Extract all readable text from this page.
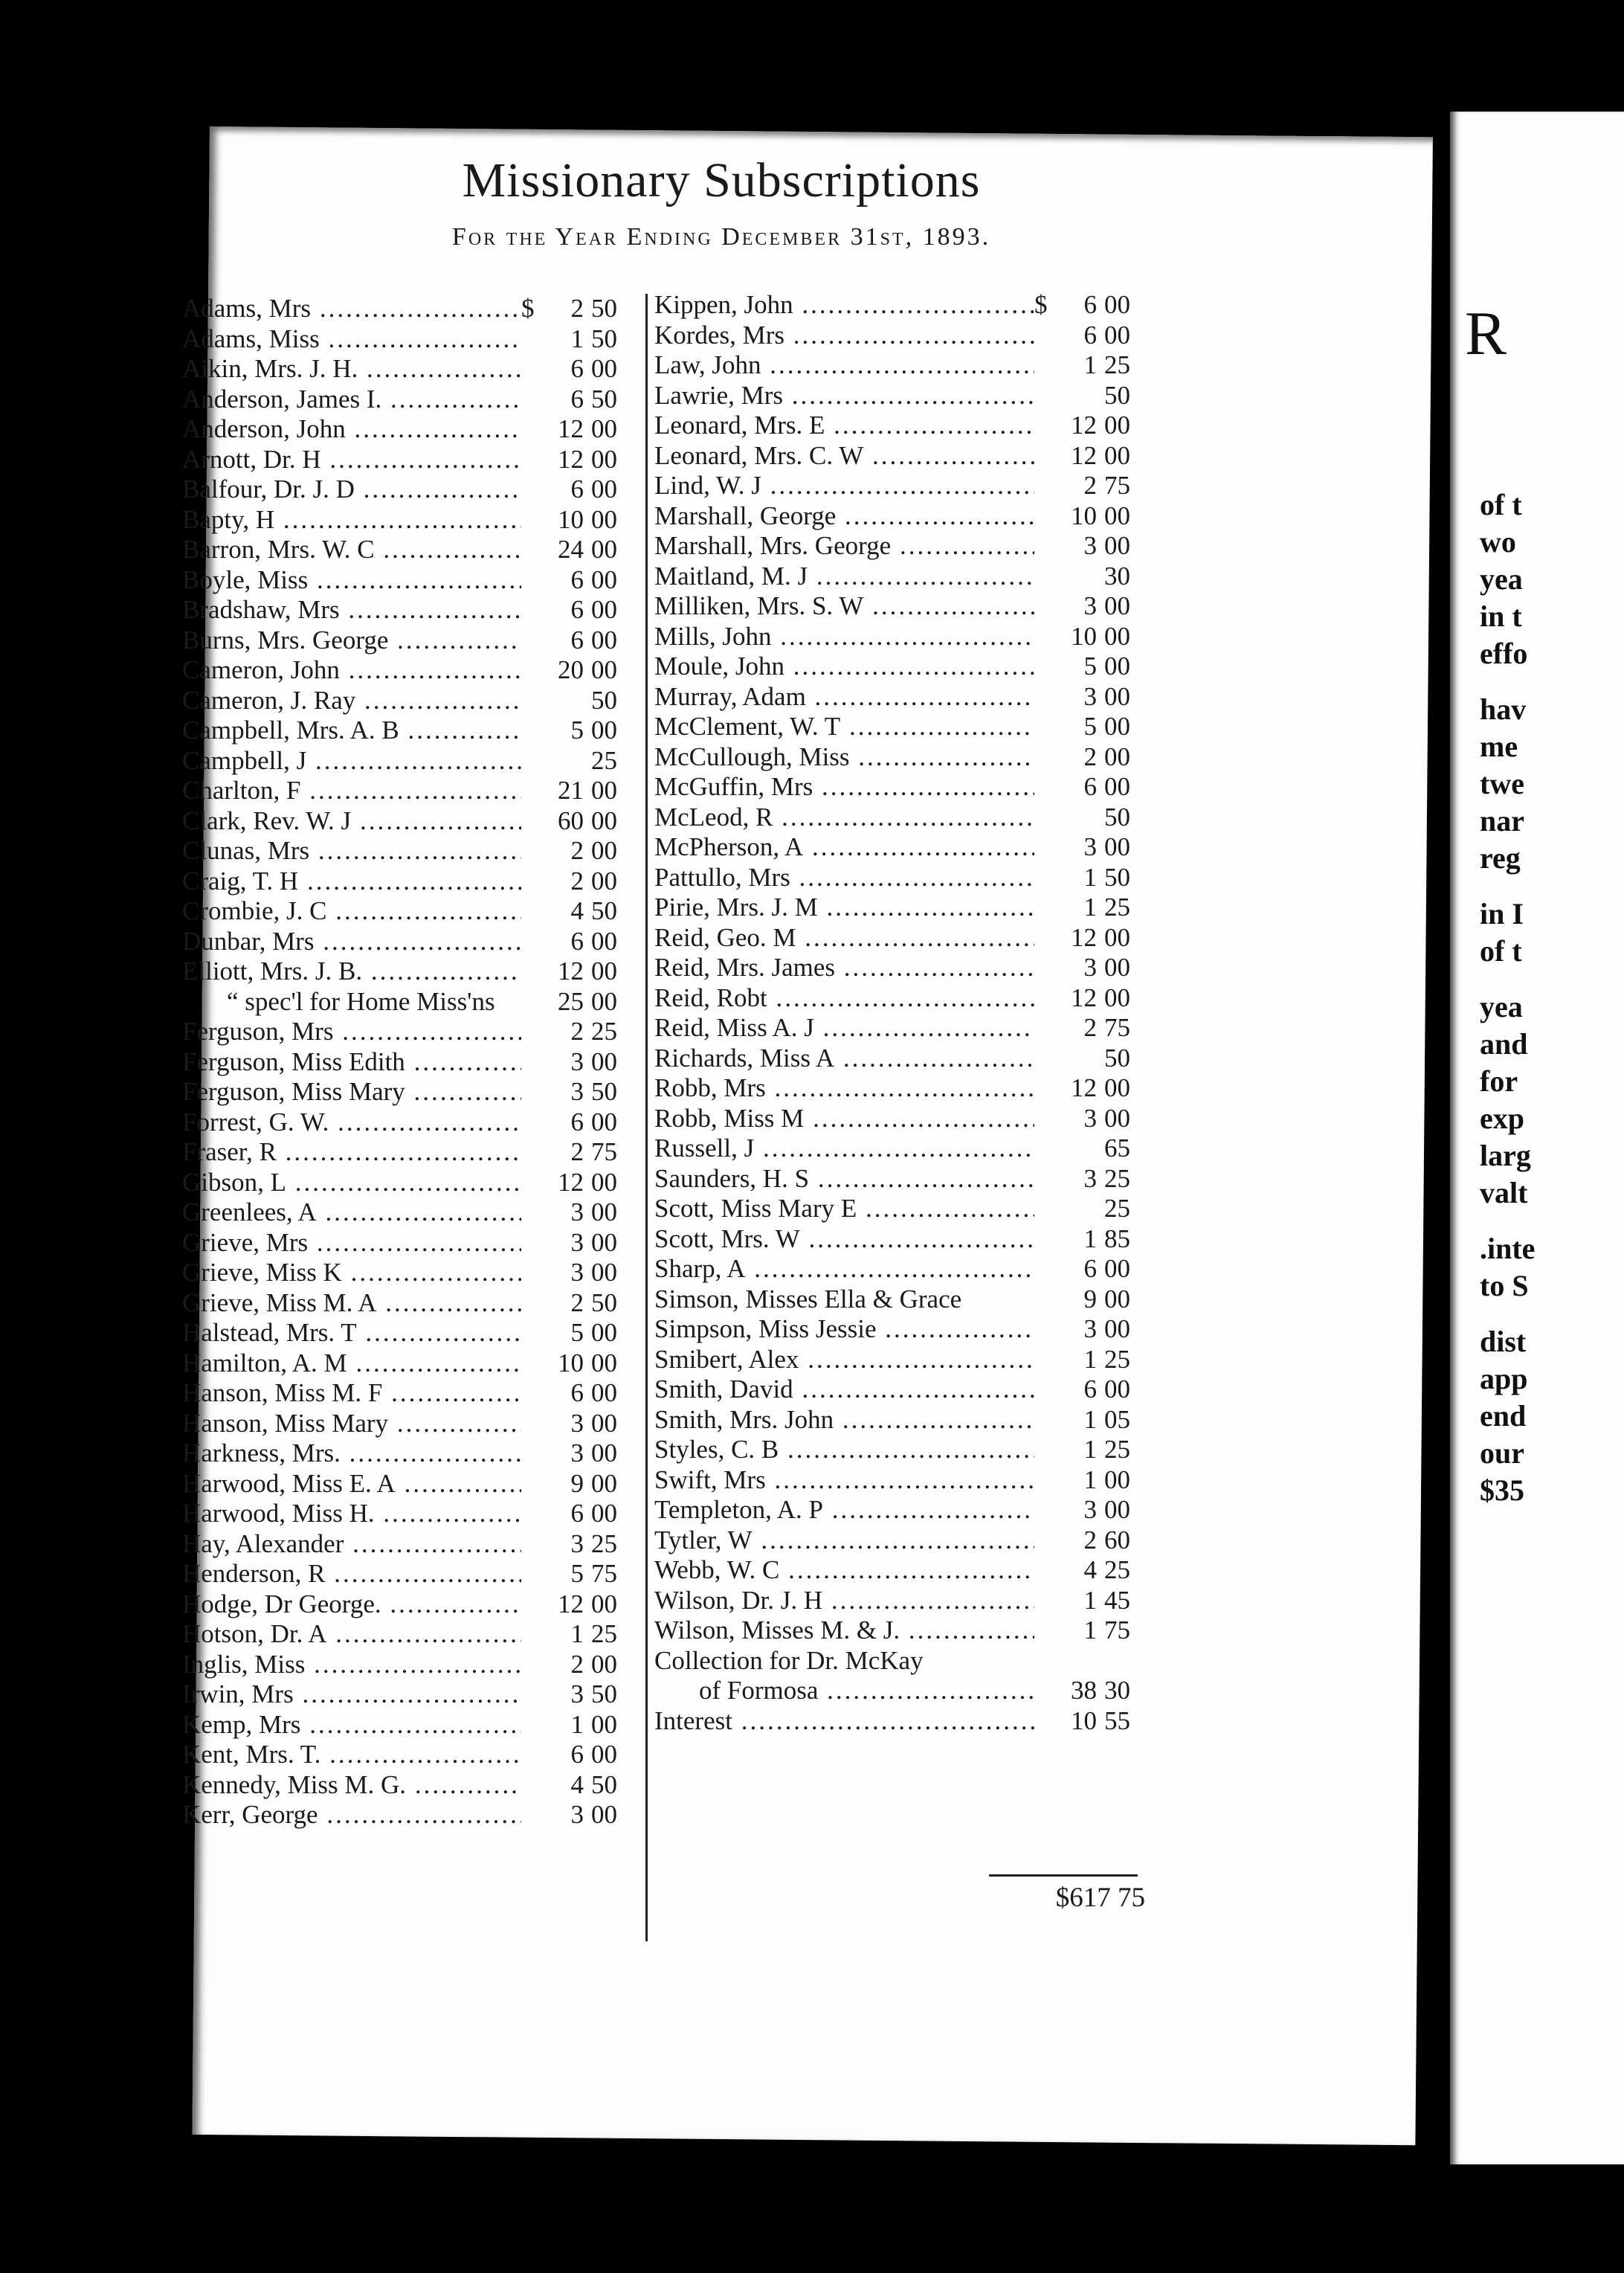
Missionary Subscriptions
For the Year Ending December 31st, 1893.
Adams, Mrs .....	$	2 50
Adams, Miss .....	1 50
Aikin, Mrs. J. H. .....	6 00
Anderson, James I. .....	6 50
Anderson, John .....	12 00
Arnott, Dr. H .....	12 00
Balfour, Dr. J. D .....	6 00
Bapty, H .....	10 00
Barron, Mrs. W. C .....	24 00
Boyle, Miss .....	6 00
Bradshaw, Mrs .....	6 00
Burns, Mrs. George .....	6 00
Cameron, John .....	20 00
Cameron, J. Ray .....	50
Campbell, Mrs. A. B .....	5 00
Campbell, J .....	25
Charlton, F .....	21 00
Clark, Rev. W. J .....	60 00
Clunas, Mrs .....	2 00
Craig, T. H .....	2 00
Crombie, J. C .....	4 50
Dunbar, Mrs .....	6 00
Elliott, Mrs. J. B. .....	12 00
“ spec'l for Home Miss'ns	25 00
Ferguson, Mrs .....	2 25
Ferguson, Miss Edith .....	3 00
Ferguson, Miss Mary .....	3 50
Forrest, G. W. .....	6 00
Fraser, R .....	2 75
Gibson, L .....	12 00
Greenlees, A .....	3 00
Grieve, Mrs .....	3 00
Grieve, Miss K .....	3 00
Grieve, Miss M. A .....	2 50
Halstead, Mrs. T .....	5 00
Hamilton, A. M .....	10 00
Hanson, Miss M. F .....	6 00
Hanson, Miss Mary .....	3 00
Harkness, Mrs. .....	3 00
Harwood, Miss E. A .....	9 00
Harwood, Miss H. .....	6 00
Hay, Alexander .....	3 25
Henderson, R .....	5 75
Hodge, Dr George. .....	12 00
Hotson, Dr. A .....	1 25
Inglis, Miss .....	2 00
Irwin, Mrs .....	3 50
Kemp, Mrs .....	1 00
Kent, Mrs. T. .....	6 00
Kennedy, Miss M. G. .....	4 50
Kerr, George .....	3 00
Kippen, John .....	$	6 00
Kordes, Mrs .....	6 00
Law, John .....	1 25
Lawrie, Mrs .....	50
Leonard, Mrs. E .....	12 00
Leonard, Mrs. C. W .....	12 00
Lind, W. J .....	2 75
Marshall, George .....	10 00
Marshall, Mrs. George .....	3 00
Maitland, M. J .....	30
Milliken, Mrs. S. W .....	3 00
Mills, John .....	10 00
Moule, John .....	5 00
Murray, Adam .....	3 00
McClement, W. T .....	5 00
McCullough, Miss .....	2 00
McGuffin, Mrs .....	6 00
McLeod, R .....	50
McPherson, A .....	3 00
Pattullo, Mrs .....	1 50
Pirie, Mrs. J. M .....	1 25
Reid, Geo. M .....	12 00
Reid, Mrs. James .....	3 00
Reid, Robt .....	12 00
Reid, Miss A. J .....	2 75
Richards, Miss A .....	50
Robb, Mrs .....	12 00
Robb, Miss M .....	3 00
Russell, J .....	65
Saunders, H. S .....	3 25
Scott, Miss Mary E .....	25
Scott, Mrs. W .....	1 85
Sharp, A .....	6 00
Simson, Misses Ella & Grace	9 00
Simpson, Miss Jessie .....	3 00
Smibert, Alex .....	1 25
Smith, David .....	6 00
Smith, Mrs. John .....	1 05
Styles, C. B .....	1 25
Swift, Mrs .....	1 00
Templeton, A. P .....	3 00
Tytler, W .....	2 60
Webb, W. C .....	4 25
Wilson, Dr. J. H .....	1 45
Wilson, Misses M. & J. .....	1 75
Collection for Dr. McKay
of Formosa .....	38 30
Interest .....	10 55
$617 75
R
of t
wo
yea
in t
effo
hav
me
twe
nar
reg
in I
of t
yea
and
for
exp
larg
valt
.inte
to S
dist
app
end
our
$35
